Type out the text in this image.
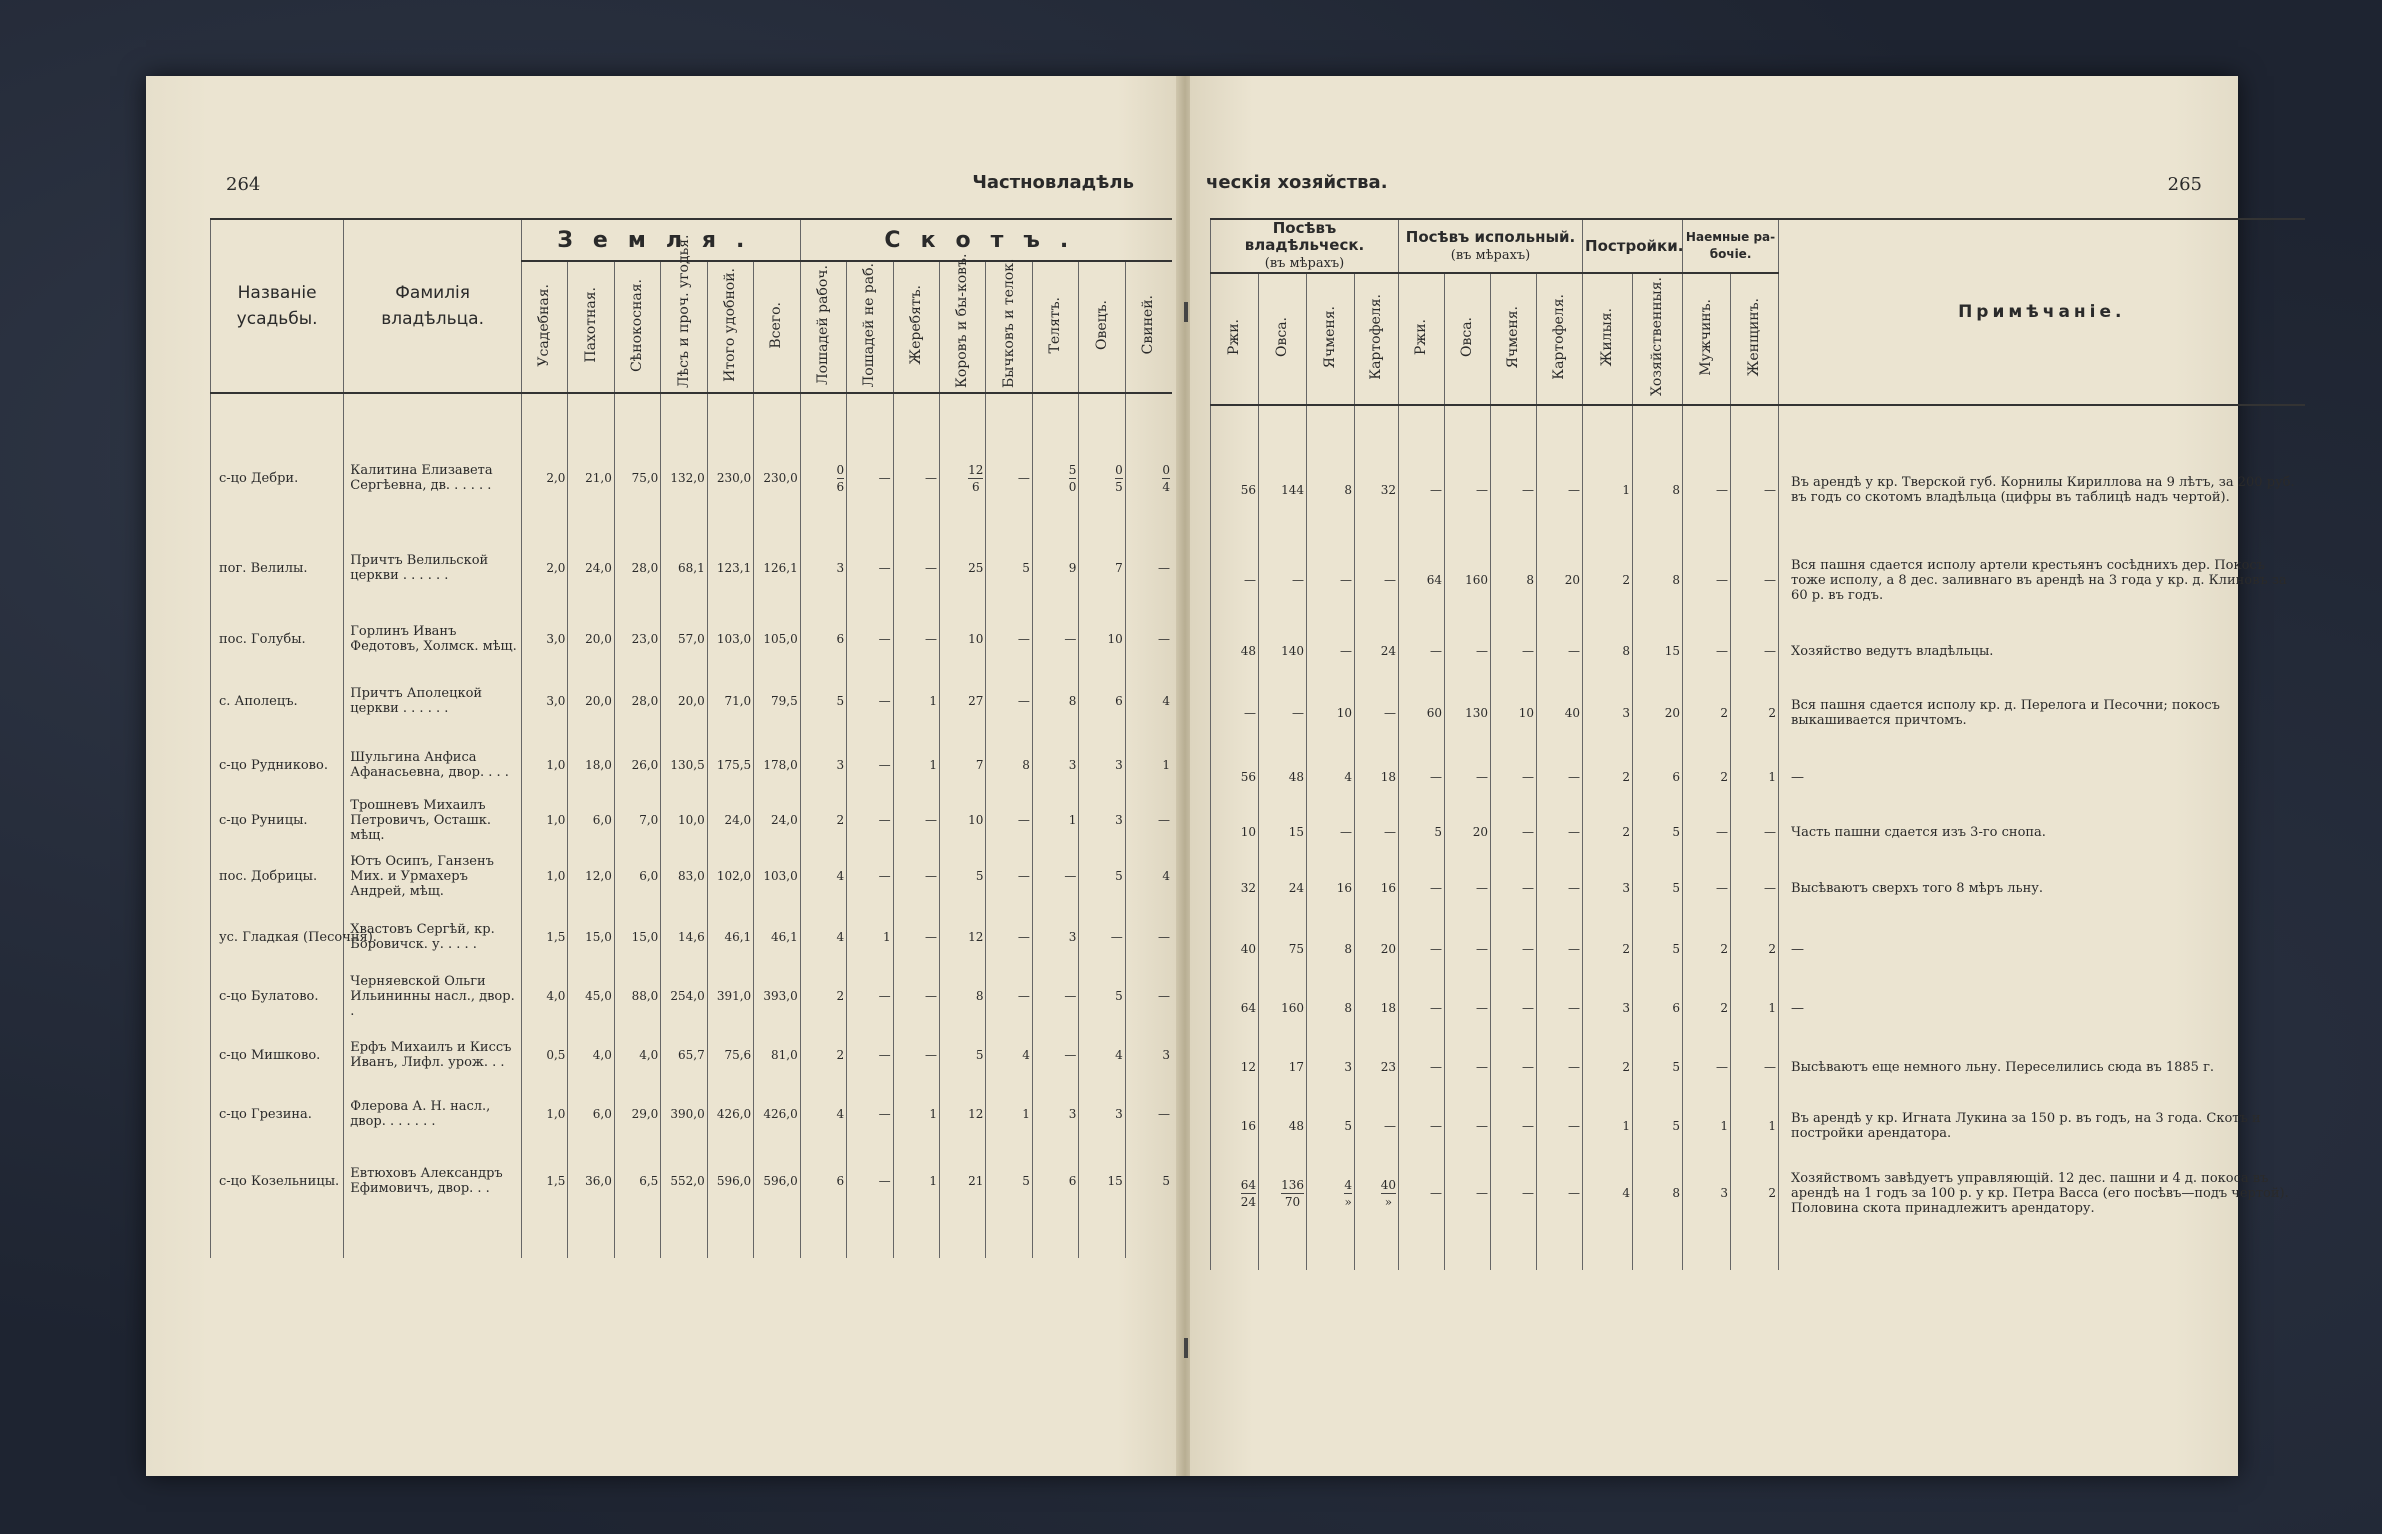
264	Частновладѣль
Названіе усадьбы.	Фамилія владѣльца.	Земля.						Скотъ.							
		Усадебная.	Пахотная.	Сѣнокосная.	Лѣсъ и проч. угодья.	Итого удобной.	Всего.	Лошадей рабоч.	Лошадей не раб.	Жеребятъ.	Коровъ и бы-ковъ.	Бычковъ и телок.	Телятъ.	Овецъ.	Свиней.

с-цо Дебри.	Калитина Елизавета Сергѣевна, дв. . . . . .	2,0	21,0	75,0	132,0	230,0	230,0	$\frac{0}{6}$	—	—	$\frac{12}{6}$	—	$\frac{5}{0}$	$\frac{0}{5}$	$\frac{0}{4}$

пог. Велилы.	Причтъ Велильской церкви . . . . . .	2,0	24,0	28,0	68,1	123,1	126,1	3	—	—	25	5	9	7	—
пос. Голубы.	Горлинъ Иванъ Федотовъ, Холмск. мѣщ.	3,0	20,0	23,0	57,0	103,0	105,0	6	—	—	10	—	—	10	—
с. Аполецъ.	Причтъ Аполецкой церкви . . . . . .	3,0	20,0	28,0	20,0	71,0	79,5	5	—	1	27	—	8	6	4
с-цо Рудниково.	Шульгина Анфиса Афанасьевна, двор. . . .	1,0	18,0	26,0	130,5	175,5	178,0	3	—	1	7	8	3	3	1
с-цо Руницы.	Трошневъ Михаилъ Петровичъ, Осташк. мѣщ.	1,0	6,0	7,0	10,0	24,0	24,0	2	—	—	10	—	1	3	—
пос. Добрицы.	Ютъ Осипъ, Ганзенъ Мих. и Урмахеръ Андрей, мѣщ.	1,0	12,0	6,0	83,0	102,0	103,0	4	—	—	5	—	—	5	4
ус. Гладкая (Песочня).	Хвастовъ Сергѣй, кр. Боровичск. у. . . . .	1,5	15,0	15,0	14,6	46,1	46,1	4	1	—	12	—	3	—	—
с-цо Булатово.	Черняевской Ольги Ильининны насл., двор. .	4,0	45,0	88,0	254,0	391,0	393,0	2	—	—	8	—	—	5	—
с-цо Мишково.	Ерфъ Михаилъ и Киссъ Иванъ, Лифл. урож. . .	0,5	4,0	4,0	65,7	75,6	81,0	2	—	—	5	4	—	4	3
с-цо Грезина.	Флерова А. Н. насл., двор. . . . . . .	1,0	6,0	29,0	390,0	426,0	426,0	4	—	1	12	1	3	3	—
с-цо Козельницы.	Евтюховъ Александръ Ефимовичъ, двор. . .	1,5	36,0	6,5	552,0	596,0	596,0	6	—	1	21	5	6	15	5

ческія хозяйства.	265
Посѣвъ владѣльческ.
(въ мѣрахъ)				Посѣвъ испольный.
(въ мѣрахъ)				Постройки.		Наемные ра-бочіе.		Примѣчаніе.
Ржи.	Овса.	Ячменя.	Картофеля.	Ржи.	Овса.	Ячменя.	Картофеля.	Жилыя.	Хозяйственныя.	Мужчинъ.	Женщинъ.	

56	144	8	32	—	—	—	—	1	8	—	—	Въ арендѣ у кр. Тверской губ. Корнилы Кириллова на 9 лѣтъ, за 200 руб. въ годъ со скотомъ владѣльца (цифры въ таблицѣ надъ чертой).
—	—	—	—	64	160	8	20	2	8	—	—	Вся пашня сдается исполу артели крестьянъ сосѣднихъ дер. Покосъ тоже исполу, а 8 дес. заливнаго въ арендѣ на 3 года у кр. д. Клиновъ за 60 р. въ годъ.
48	140	—	24	—	—	—	—	8	15	—	—	Хозяйство ведутъ владѣльцы.
—	—	10	—	60	130	10	40	3	20	2	2	Вся пашня сдается исполу кр. д. Перелога и Песочни; покосъ выкашивается причтомъ.
56	48	4	18	—	—	—	—	2	6	2	1	—
10	15	—	—	5	20	—	—	2	5	—	—	Часть пашни сдается изъ 3-го снопа.
32	24	16	16	—	—	—	—	3	5	—	—	Высѣваютъ сверхъ того 8 мѣръ льну.
40	75	8	20	—	—	—	—	2	5	2	2	—
64	160	8	18	—	—	—	—	3	6	2	1	—
12	17	3	23	—	—	—	—	2	5	—	—	Высѣваютъ еще немного льну. Переселились сюда въ 1885 г.
16	48	5	—	—	—	—	—	1	5	1	1	Въ арендѣ у кр. Игната Лукина за 150 р. въ годъ, на 3 года. Скотъ и постройки арендатора.

$\frac{64}{24}$	$\frac{136}{70}$	$\frac{4}{»}$	$\frac{40}{»}$	—	—	—	—	4	8	3	2	Хозяйствомъ завѣдуетъ управляющій. 12 дес. пашни и 4 д. покоса въ арендѣ на 1 годъ за 100 р. у кр. Петра Васса (его посѣвъ—подъ чертой). Половина скота принадлежитъ арендатору.
